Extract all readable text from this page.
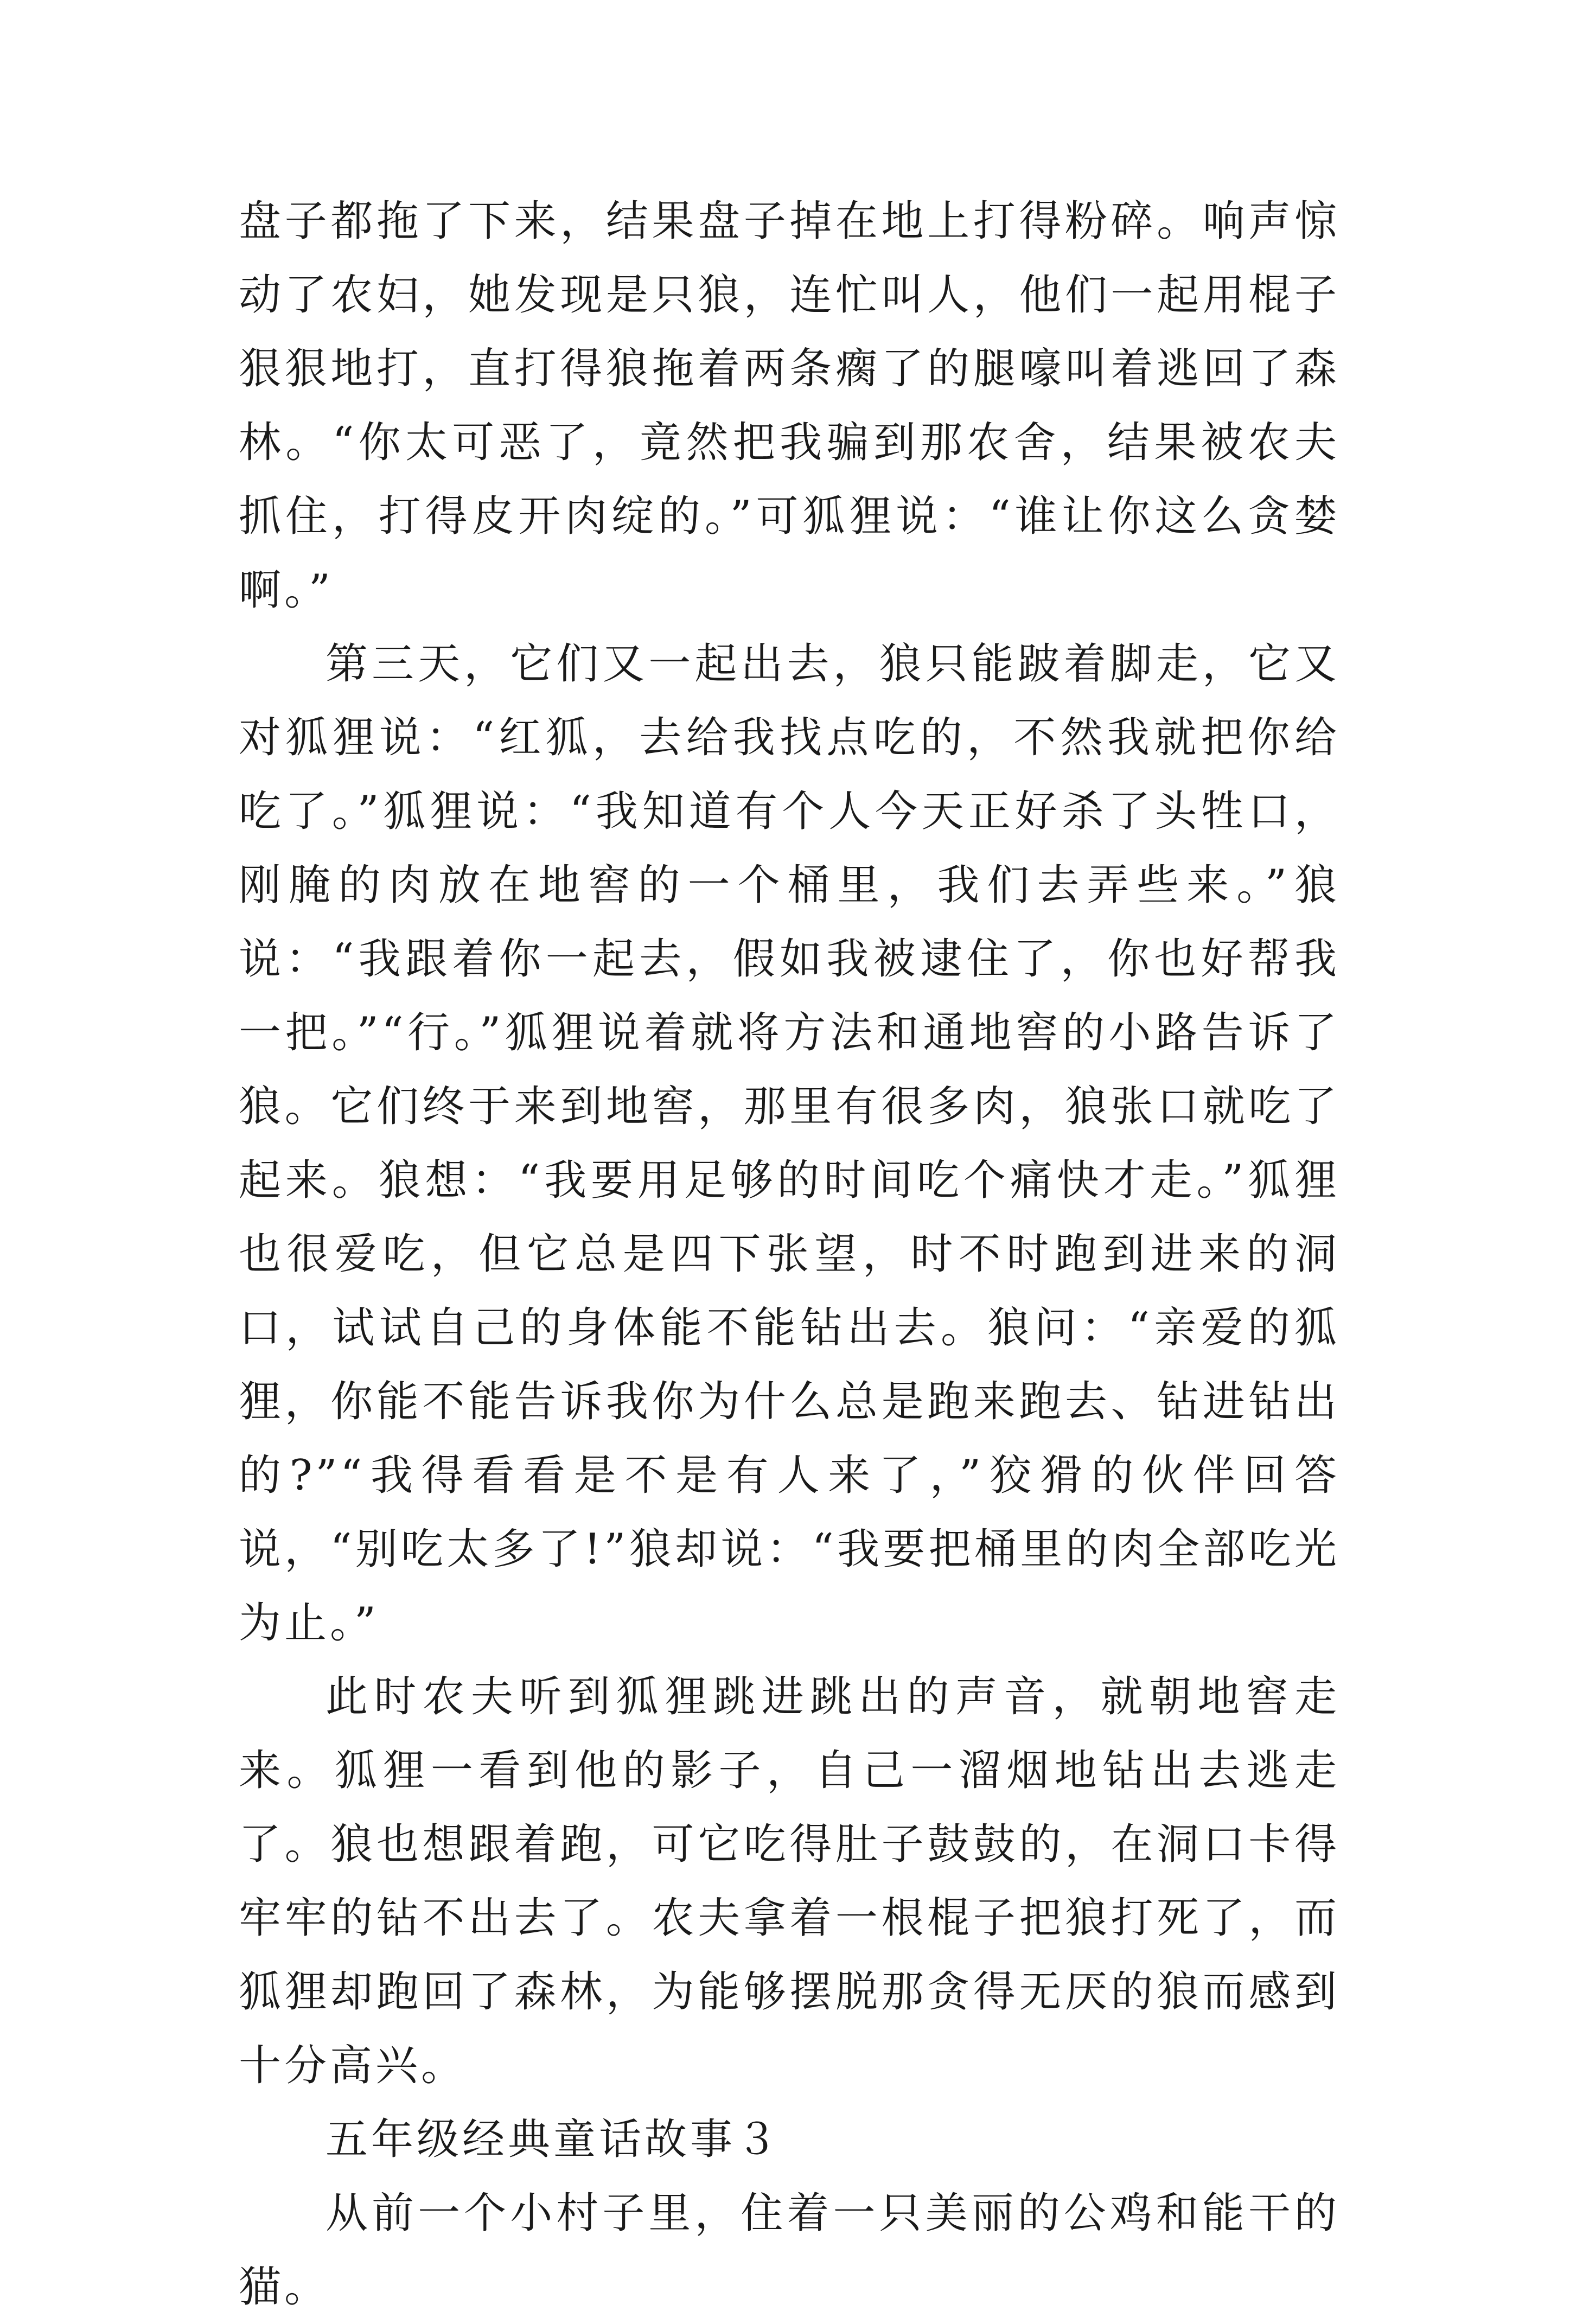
盘子都拖了下来，结果盘子掉在地上打得粉碎。响声惊动了农妇，她发现是只狼，连忙叫人，他们一起用棍子狠狠地打，直打得狼拖着两条瘸了的腿嚎叫着逃回了森林。“你太可恶了，竟然把我骗到那农舍，结果被农夫抓住，打得皮开肉绽的。”可狐狸说：“谁让你这么贪婪啊。”

第三天，它们又一起出去，狼只能跛着脚走，它又对狐狸说：“红狐，去给我找点吃的，不然我就把你给吃了。”狐狸说：“我知道有个人今天正好杀了头牲口，刚腌的肉放在地窖的一个桶里，我们去弄些来。”狼说：“我跟着你一起去，假如我被逮住了，你也好帮我一把。”“行。”狐狸说着就将方法和通地窖的小路告诉了狼。它们终于来到地窖，那里有很多肉，狼张口就吃了起来。狼想：“我要用足够的时间吃个痛快才走。”狐狸也很爱吃，但它总是四下张望，时不时跑到进来的洞口，试试自己的身体能不能钻出去。狼问：“亲爱的狐狸，你能不能告诉我你为什么总是跑来跑去、钻进钻出的?”“我得看看是不是有人来了，”狡猾的伙伴回答说，“别吃太多了!”狼却说：“我要把桶里的肉全部吃光为止。”

此时农夫听到狐狸跳进跳出的声音，就朝地窖走来。狐狸一看到他的影子，自己一溜烟地钻出去逃走了。狼也想跟着跑，可它吃得肚子鼓鼓的，在洞口卡得牢牢的钻不出去了。农夫拿着一根棍子把狼打死了，而狐狸却跑回了森林，为能够摆脱那贪得无厌的狼而感到十分高兴。

五年级经典童话故事３

从前一个小村子里，住着一只美丽的公鸡和能干的猫。
